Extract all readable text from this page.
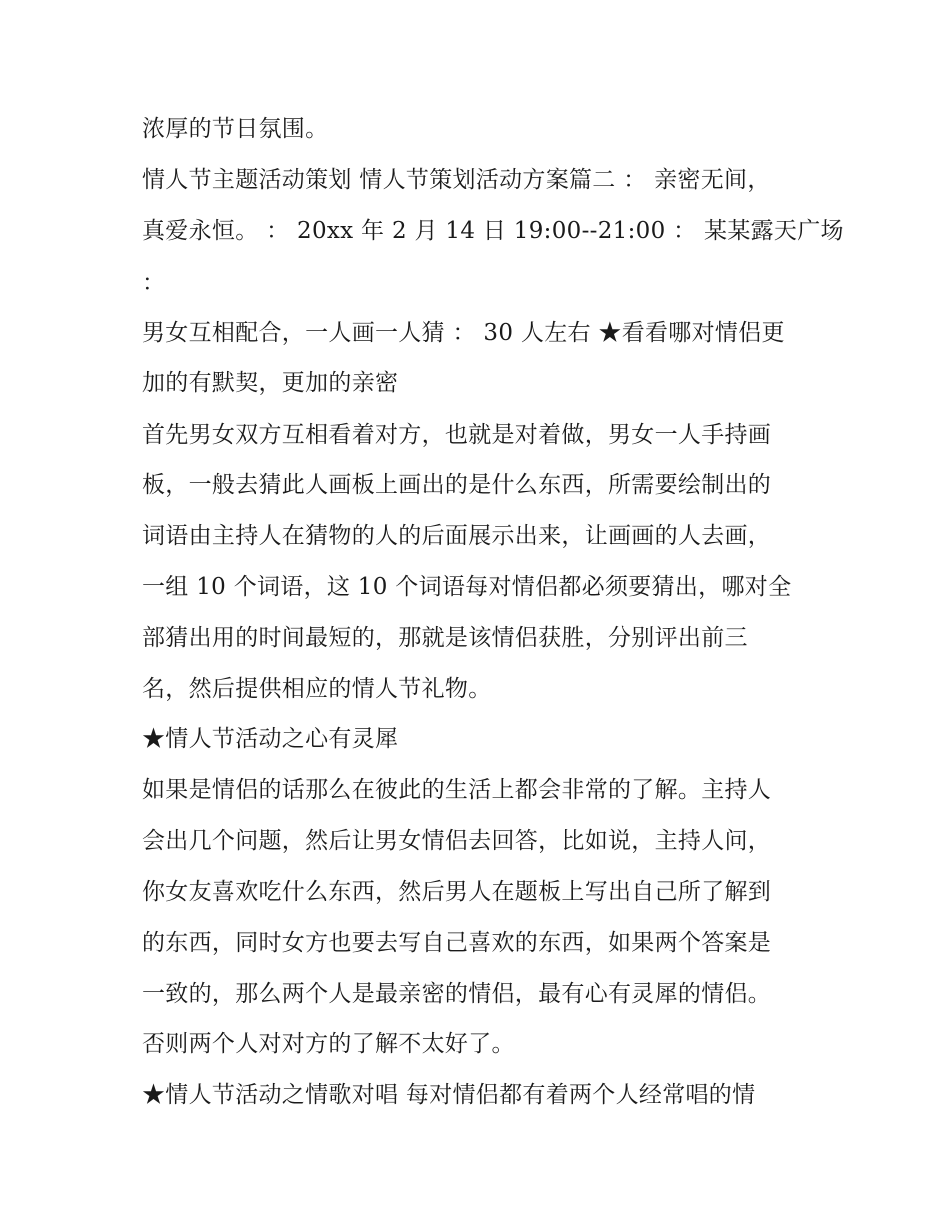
浓厚的节日氛围。
情人节主题活动策划 情人节策划活动方案篇二 ： 亲密无间，
真爱永恒。 ： 20xx 年 2 月 14 日 19:00--21:00 ： 某某露天广场
：
男女互相配合，一人画一人猜 ： 30 人左右 ★看看哪对情侣更
加的有默契，更加的亲密
首先男女双方互相看着对方，也就是对着做，男女一人手持画
板，一般去猜此人画板上画出的是什么东西，所需要绘制出的
词语由主持人在猜物的人的后面展示出来，让画画的人去画，
一组 10 个词语，这 10 个词语每对情侣都必须要猜出，哪对全
部猜出用的时间最短的，那就是该情侣获胜，分别评出前三
名，然后提供相应的情人节礼物。
★情人节活动之心有灵犀
如果是情侣的话那么在彼此的生活上都会非常的了解。主持人
会出几个问题，然后让男女情侣去回答，比如说，主持人问，
你女友喜欢吃什么东西，然后男人在题板上写出自己所了解到
的东西，同时女方也要去写自己喜欢的东西，如果两个答案是
一致的，那么两个人是最亲密的情侣，最有心有灵犀的情侣。
否则两个人对对方的了解不太好了。
★情人节活动之情歌对唱 每对情侣都有着两个人经常唱的情
